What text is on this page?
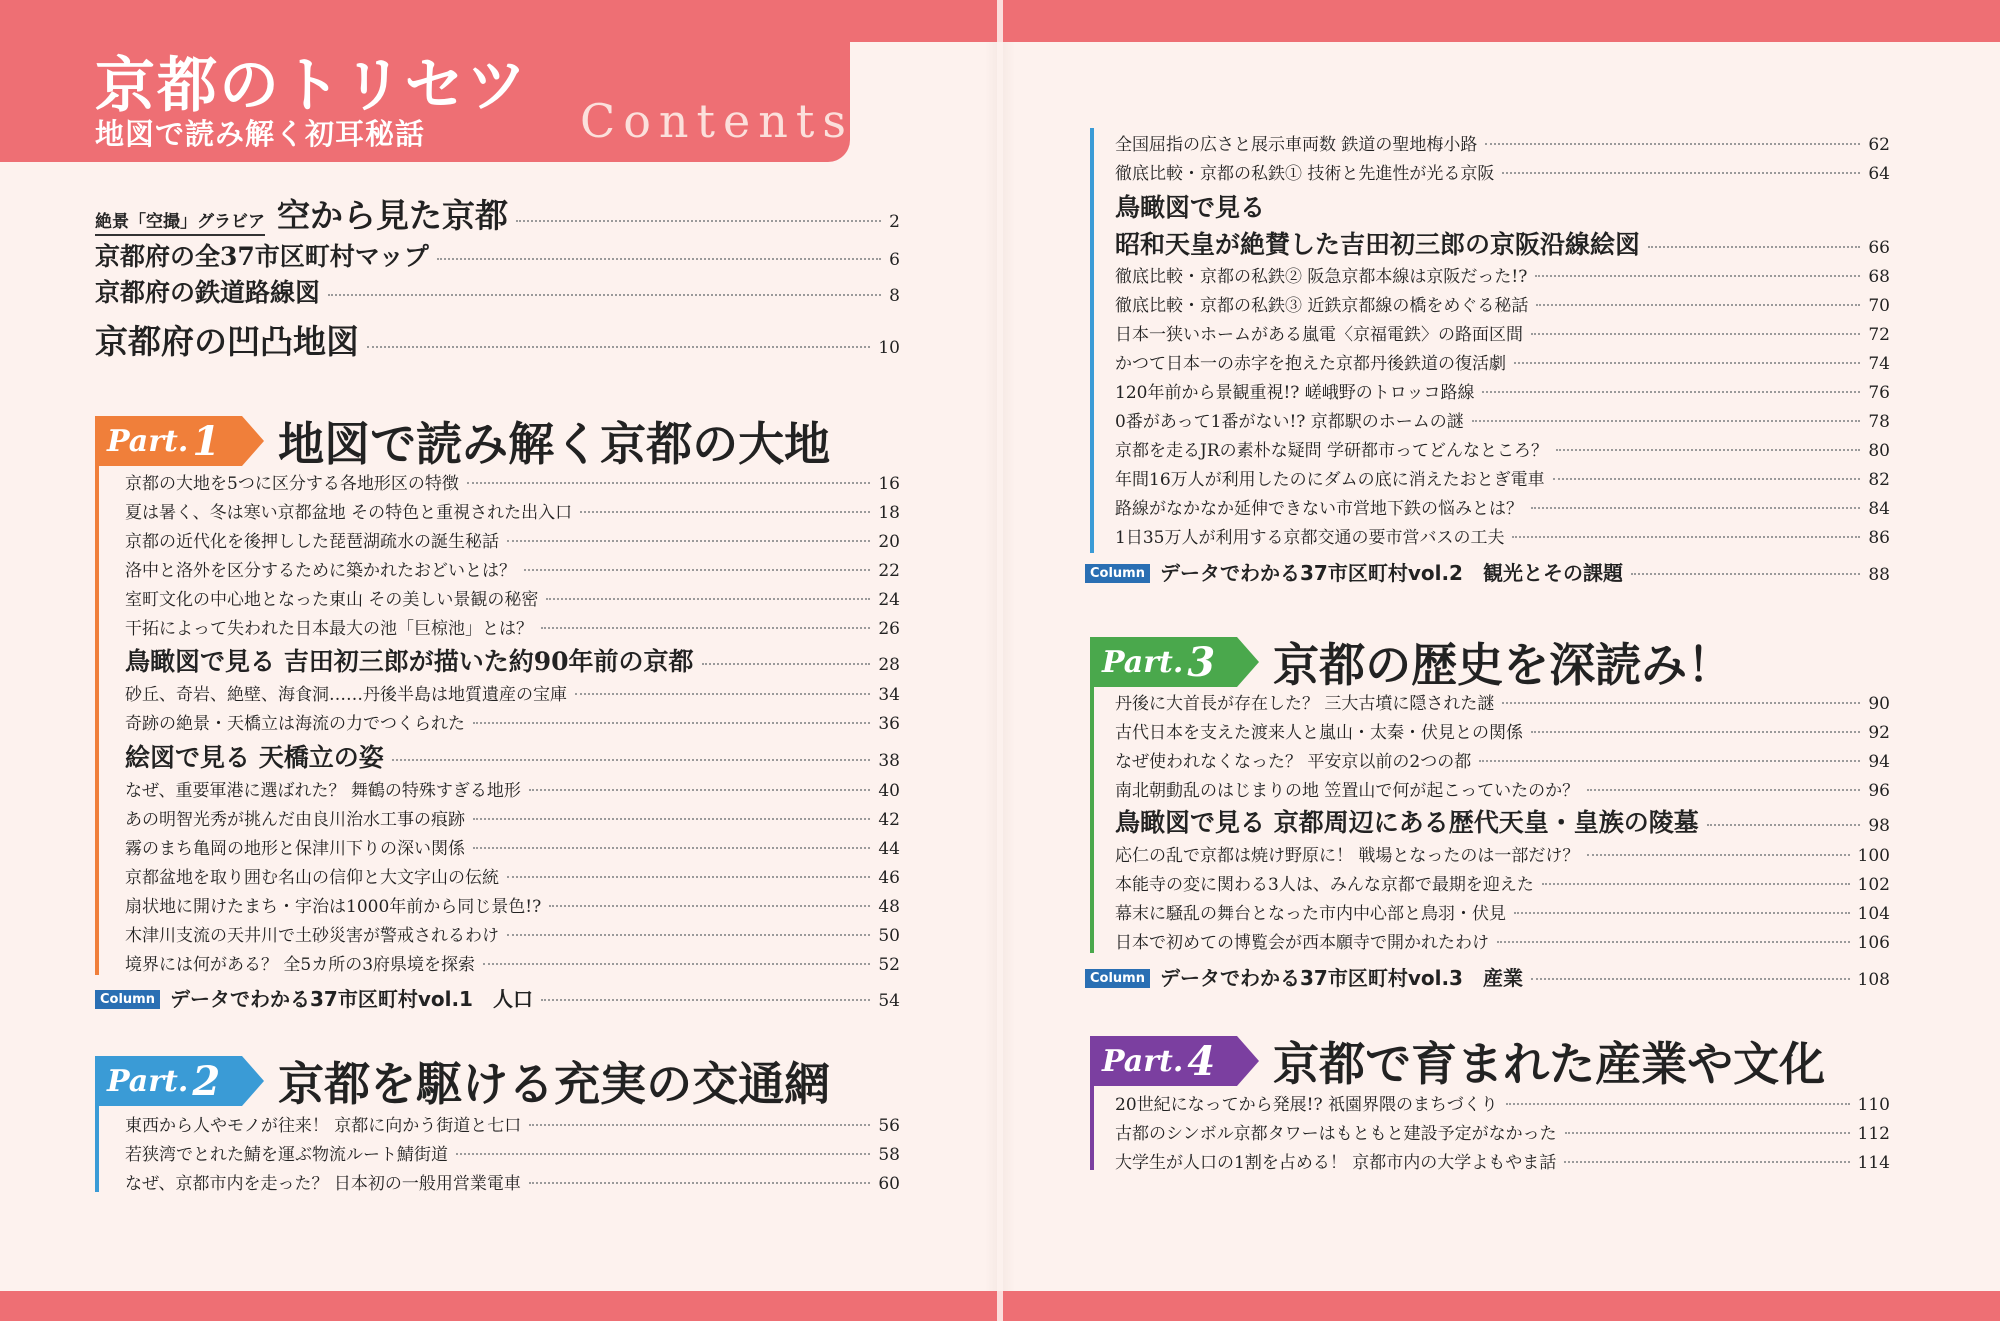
京都のトリセツ
地図で読み解く初耳秘話	Contents
絶景「空撮」グラビア 空から見た京都	2
京都府の全37市区町村マップ	6
京都府の鉄道路線図	8
京都府の凹凸地図	10
Part. 1 地図で読み解く京都の大地
Part. 2 京都を駆ける充実の交通網
Part. 3 京都の歴史を深読み！
Part. 4 京都で育まれた産業や文化
京都の大地を5つに区分する各地形区の特徴	16
夏は暑く、冬は寒い京都盆地 その特色と重視された出入口	18
京都の近代化を後押しした琵琶湖疏水の誕生秘話	20
洛中と洛外を区分するために築かれたおどいとは？	22
室町文化の中心地となった東山 その美しい景観の秘密	24
干拓によって失われた日本最大の池「巨椋池」とは？	26
鳥瞰図で見る 吉田初三郎が描いた約90年前の京都	28
砂丘、奇岩、絶壁、海食洞……丹後半島は地質遺産の宝庫	34
奇跡の絶景・天橋立は海流の力でつくられた	36
絵図で見る 天橋立の姿	38
なぜ、重要軍港に選ばれた？ 舞鶴の特殊すぎる地形	40
あの明智光秀が挑んだ由良川治水工事の痕跡	42
霧のまち亀岡の地形と保津川下りの深い関係	44
京都盆地を取り囲む名山の信仰と大文字山の伝統	46
扇状地に開けたまち・宇治は1000年前から同じ景色!?	48
木津川支流の天井川で土砂災害が警戒されるわけ	50
境界には何がある？ 全5カ所の3府県境を探索	52
Column データでわかる37市区町村vol.1　人口	54
東西から人やモノが往来！ 京都に向かう街道と七口	56
若狭湾でとれた鯖を運ぶ物流ルート鯖街道	58
なぜ、京都市内を走った？ 日本初の一般用営業電車	60
全国屈指の広さと展示車両数 鉄道の聖地梅小路	62
徹底比較・京都の私鉄① 技術と先進性が光る京阪	64
鳥瞰図で見る
昭和天皇が絶賛した吉田初三郎の京阪沿線絵図	66
徹底比較・京都の私鉄② 阪急京都本線は京阪だった!?	68
徹底比較・京都の私鉄③ 近鉄京都線の橋をめぐる秘話	70
日本一狭いホームがある嵐電〈京福電鉄〉の路面区間	72
かつて日本一の赤字を抱えた京都丹後鉄道の復活劇	74
120年前から景観重視!? 嵯峨野のトロッコ路線	76
0番があって1番がない!? 京都駅のホームの謎	78
京都を走るJRの素朴な疑問 学研都市ってどんなところ？	80
年間16万人が利用したのにダムの底に消えたおとぎ電車	82
路線がなかなか延伸できない市営地下鉄の悩みとは？	84
1日35万人が利用する京都交通の要市営バスの工夫	86
Column データでわかる37市区町村vol.2　観光とその課題	88
丹後に大首長が存在した？ 三大古墳に隠された謎	90
古代日本を支えた渡来人と嵐山・太秦・伏見との関係	92
なぜ使われなくなった？ 平安京以前の2つの都	94
南北朝動乱のはじまりの地 笠置山で何が起こっていたのか？	96
鳥瞰図で見る 京都周辺にある歴代天皇・皇族の陵墓	98
応仁の乱で京都は焼け野原に！ 戦場となったのは一部だけ？	100
本能寺の変に関わる3人は、みんな京都で最期を迎えた	102
幕末に騒乱の舞台となった市内中心部と鳥羽・伏見	104
日本で初めての博覧会が西本願寺で開かれたわけ	106
Column データでわかる37市区町村vol.3　産業	108
20世紀になってから発展!? 祇園界隈のまちづくり	110
古都のシンボル京都タワーはもともと建設予定がなかった	112
大学生が人口の1割を占める！ 京都市内の大学よもやま話	114
